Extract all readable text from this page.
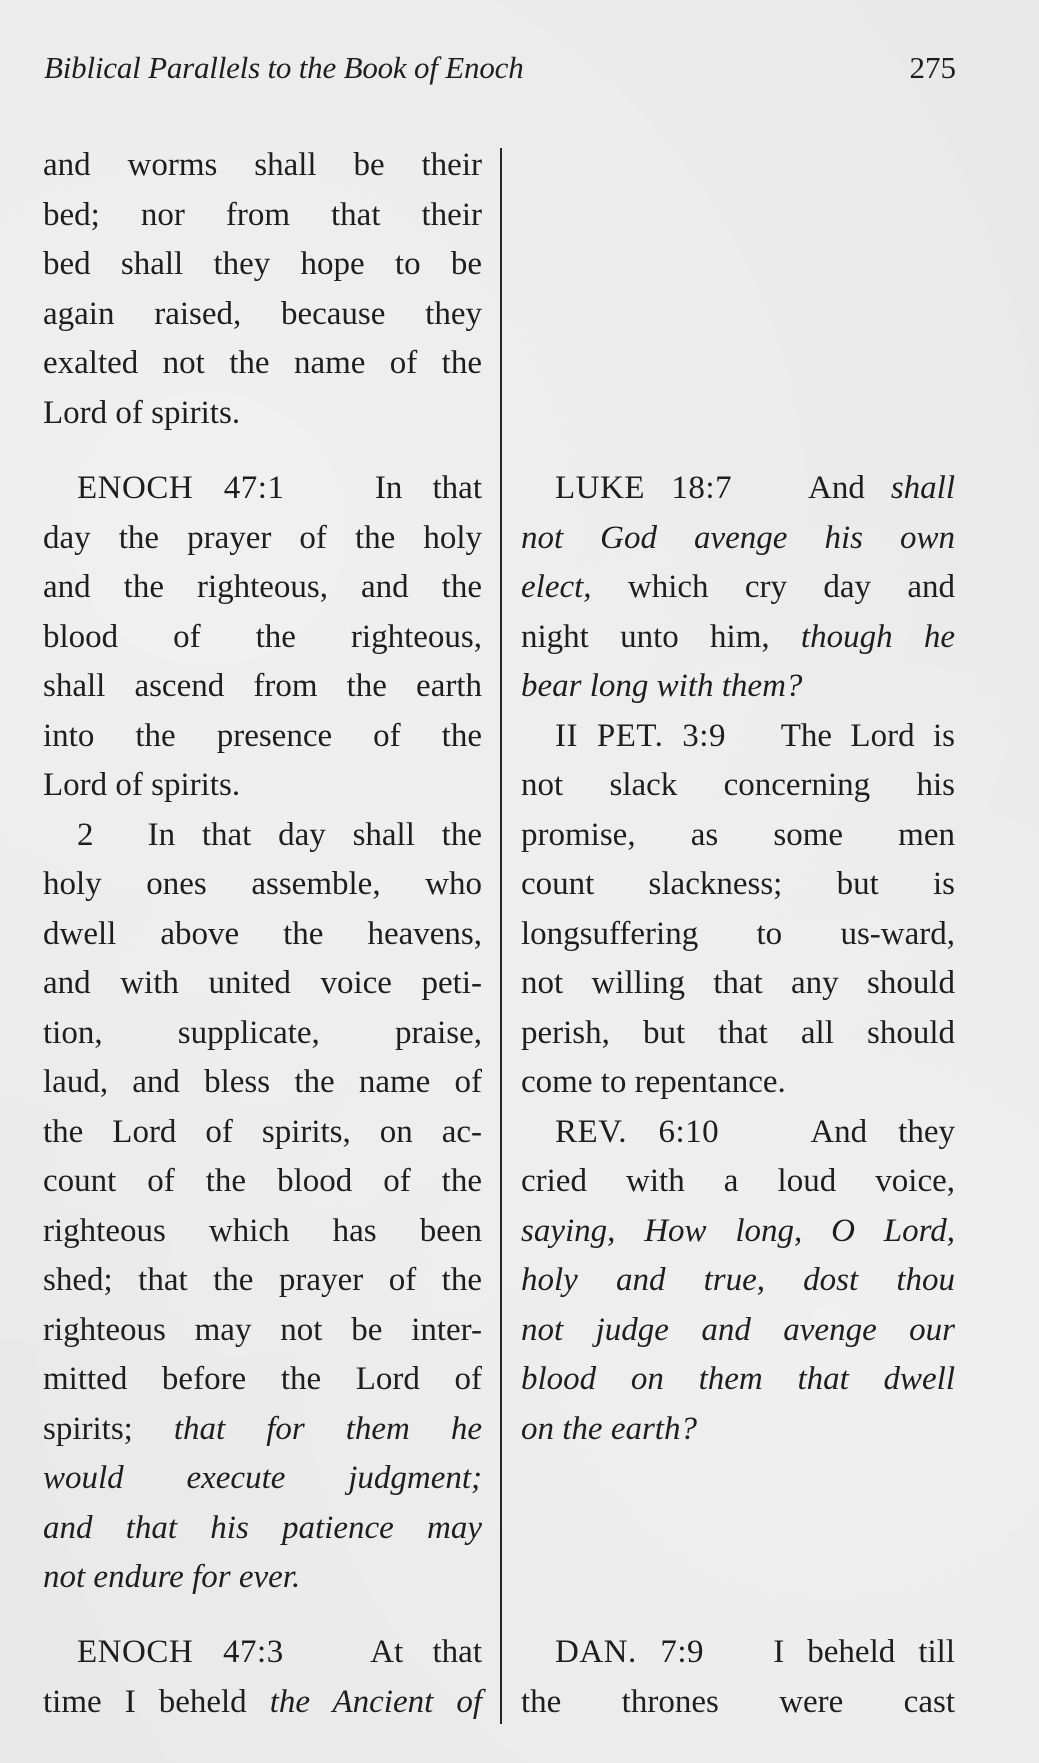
Biblical Parallels to the Book of Enoch	275
and worms shall be their
bed; nor from that their
bed shall they hope to be
again raised, because they
exalted not the name of the
Lord of spirits.
ENOCH 47:1	In that
day the prayer of the holy
and the righteous, and the
blood of the righteous,
shall ascend from the earth
into the presence of the
Lord of spirits.
2 In that day shall the
holy ones assemble, who
dwell above the heavens,
and with united voice peti-
tion, supplicate, praise,
laud, and bless the name of
the Lord of spirits, on ac-
count of the blood of the
righteous which has been
shed; that the prayer of the
righteous may not be inter-
mitted before the Lord of
spirits; that for them he
would execute judgment;
and that his patience may
not endure for ever.
ENOCH 47:3	At that
time I beheld the Ancient of
LUKE 18:7 And shall
not God avenge his own
elect, which cry day and
night unto him, though he
bear long with them?
II PET. 3:9 The Lord is
not slack concerning his
promise, as some men
count slackness; but is
longsuffering to us-ward,
not willing that any should
perish, but that all should
come to repentance.
REV. 6:10	And they
cried with a loud voice,
saying, How long, O Lord,
holy and true, dost thou
not judge and avenge our
blood on them that dwell
on the earth?
DAN. 7:9 I beheld till
the thrones were cast
